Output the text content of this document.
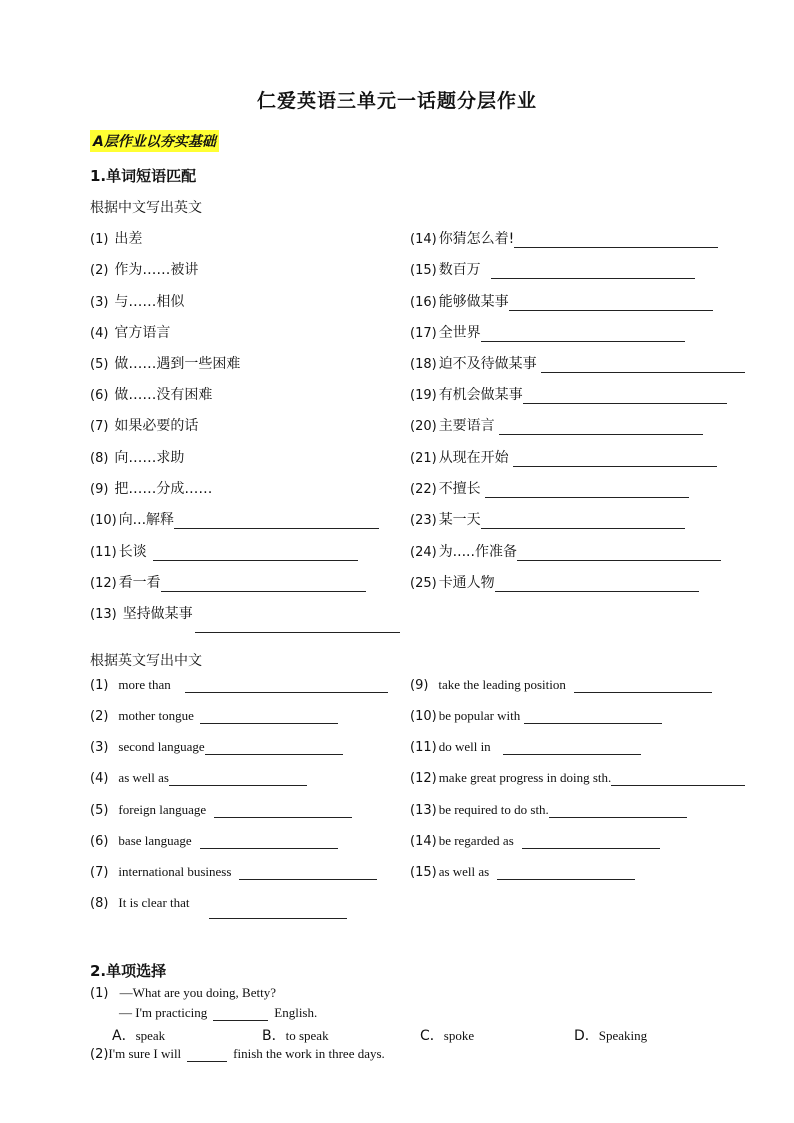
仁爱英语三单元一话题分层作业
A层作业以夯实基础
1.单词短语匹配
根据中文写出英文
(1) 出差
(2) 作为……被讲
(3) 与……相似
(4) 官方语言
(5) 做……遇到一些困难
(6) 做……没有困难
(7) 如果必要的话
(8) 向……求助
(9) 把……分成……
(10) 向...解释
(11) 长谈
(12) 看一看
(13) 坚持做某事
(14) 你猜怎么着!
(15) 数百万
(16) 能够做某事
(17) 全世界
(18) 迫不及待做某事
(19) 有机会做某事
(20) 主要语言
(21) 从现在开始
(22) 不擅长
(23) 某一天
(24) 为.....作准备
(25) 卡通人物
根据英文写出中文
(1) more than
(2) mother tongue
(3) second language
(4) as well as
(5) foreign language
(6) base language
(7) international business
(8) It is clear that
(9) take the leading position
(10) be popular with
(11) do well in
(12) make great progress in doing sth.
(13) be required to do sth.
(14) be regarded as
(15) as well as
2.单项选择
(1) —What are you doing, Betty?
— I'm practicing	English.
A．speak	B．to speak	C．spoke	D．Speaking
(2)I'm sure I will	finish the work in three days.
